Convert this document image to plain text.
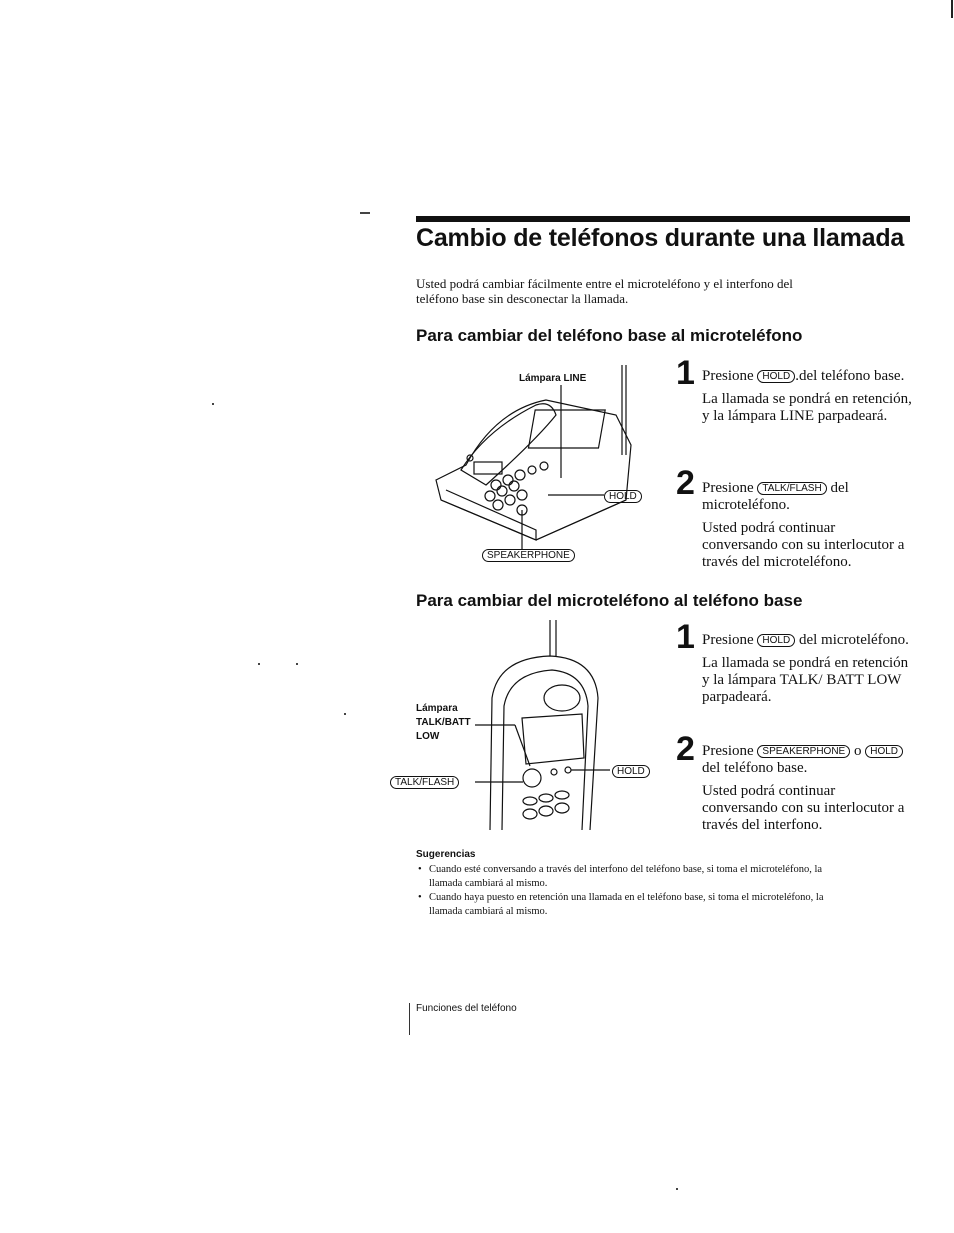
Cambio de teléfonos durante una llamada
Usted podrá cambiar fácilmente entre el microteléfono y el interfono del teléfono base sin desconectar la llamada.
Para cambiar del teléfono base al microteléfono
Lámpara LINE
HOLD
SPEAKERPHONE
1 Presione HOLD .del teléfono base.

La llamada se pondrá en retención, y la lámpara LINE parpadeará.

2 Presione TALK/FLASH del microteléfono.

Usted podrá continuar conversando con su interlocutor a través del microteléfono.

Para cambiar del microteléfono al teléfono base
Lámpara
TALK/BATT
LOW
TALK/FLASH
HOLD
1 Presione HOLD del microteléfono.

La llamada se pondrá en retención y la lámpara TALK/ BATT LOW parpadeará.

2 Presione SPEAKERPHONE o HOLD del teléfono base.

Usted podrá continuar conversando con su interlocutor a través del interfono.

Sugerencias
• Cuando esté conversando a través del interfono del teléfono base, si toma el microteléfono, la llamada cambiará al mismo.
• Cuando haya puesto en retención una llamada en el teléfono base, si toma el microteléfono, la llamada cambiará al mismo.
Funciones del teléfono
